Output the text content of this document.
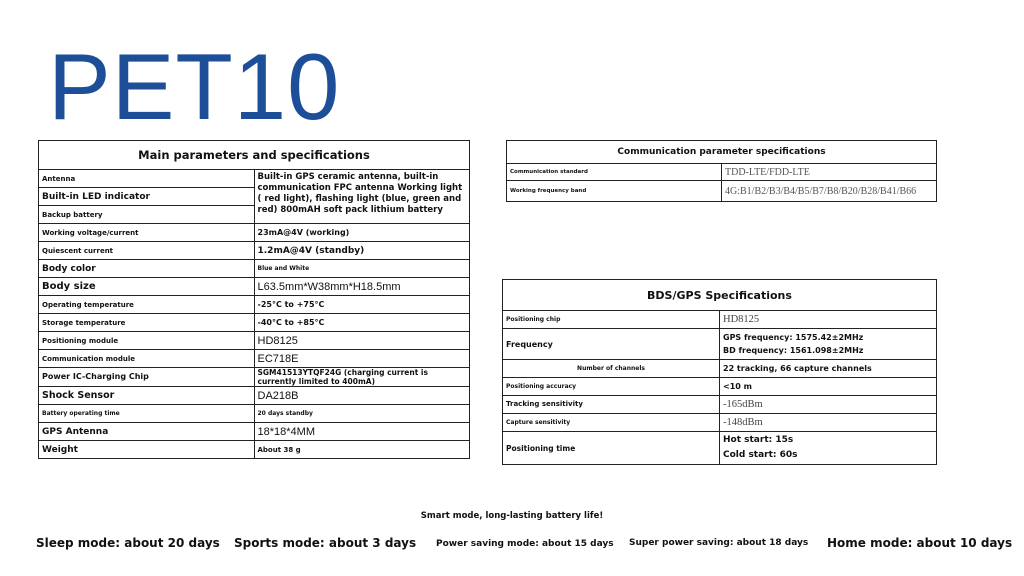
PET10
Main parameters and specifications	
Antenna	Built-in GPS ceramic antenna, built-in communication FPC antenna Working light ( red light), flashing light (blue, green and red) 800mAH soft pack lithium battery
Built-in LED indicator	
Backup battery	
Working voltage/current	23mA@4V (working)
Quiescent current	1.2mA@4V (standby)
Body color	Blue and White
Body size	L63.5mm*W38mm*H18.5mm
Operating temperature	-25°C to +75°C
Storage temperature	-40°C to +85°C
Positioning module	HD8125
Communication module	EC718E
Power IC-Charging Chip	SGM41513YTQF24G (charging current is currently limited to 400mA)
Shock Sensor	DA218B
Battery operating time	20 days standby
GPS Antenna	18*18*4MM
Weight	About 38 g
Communication parameter specifications	
Communication standard	TDD-LTE/FDD-LTE
Working frequency band	4G:B1/B2/B3/B4/B5/B7/B8/B20/B28/B41/B66
BDS/GPS Specifications	
Positioning chip	HD8125
Frequency	GPS frequency: 1575.42±2MHz
BD frequency: 1561.098±2MHz

Number of channels	22 tracking, 66 capture channels
Positioning accuracy	<10 m
Tracking sensitivity	-165dBm
Capture sensitivity	-148dBm
Positioning time	Hot start: 15s
Cold start: 60s
Smart mode, long-lasting battery life!
Sleep mode: about 20 days Sports mode: about 3 days Power saving mode: about 15 days Super power saving: about 18 days Home mode: about 10 days
